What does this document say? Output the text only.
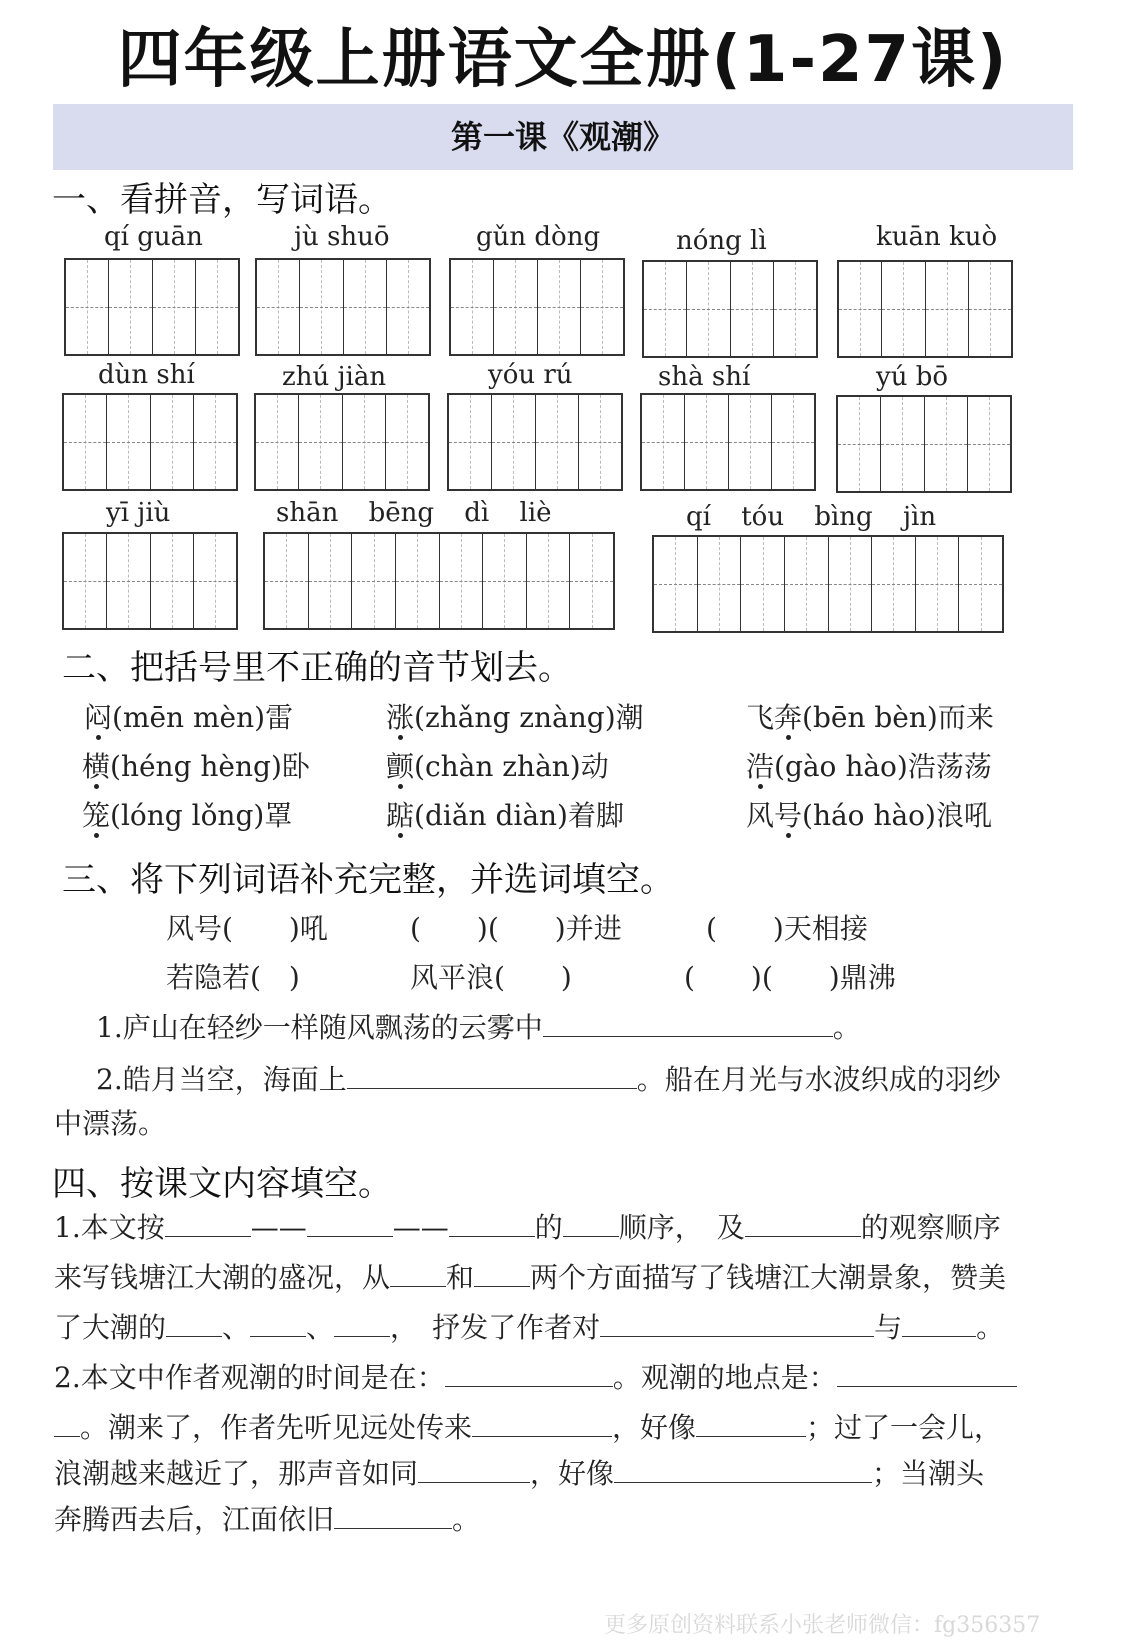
四年级上册语文全册(1-27课)
第一课《观潮》
一、看拼音，写词语。
qí guān	jù shuō	gǔn dòng	nóng lì	kuān kuò
dùn shí	zhú jiàn	yóu rú	shà shí	yú bō
yī jiù	shān bēng dì liè	qí tóu bìng jìn
二、把括号里不正确的音节划去。
闷(mēn mèn)雷	涨(zhǎng znàng)潮	飞奔(bēn bèn)而来
横(héng hèng)卧	颤(chàn zhàn)动	浩(gào hào)浩荡荡
笼(lóng lǒng)罩	踮(diǎn diàn)着脚	风号(háo hào)浪吼
三、将下列词语补充完整，并选词填空。
风号(　　)吼	(　　)(　　)并进	(　　)天相接
若隐若(　)	风平浪(　　)	(　　)(　　)鼎沸
1.庐山在轻纱一样随风飘荡的云雾中	。
2.皓月当空，海面上	。船在月光与水波织成的羽纱
中漂荡。
四、按课文内容填空。
1.本文按	——	——	的 顺序，　 及	的观察顺序
来写钱塘江大潮的盛况，从 和 两个方面描写了钱塘江大潮景象，赞美
了大潮的 、 、 ，　 抒发了作者对	与	。
2.本文中作者观潮的时间是在：	。观潮的地点是：
。潮来了，作者先听见远处传来	，好像	；过了一会儿，
浪潮越来越近了，那声音如同	，好像	；当潮头
奔腾西去后，江面依旧	。
更多原创资料联系小张老师微信：fg356357
